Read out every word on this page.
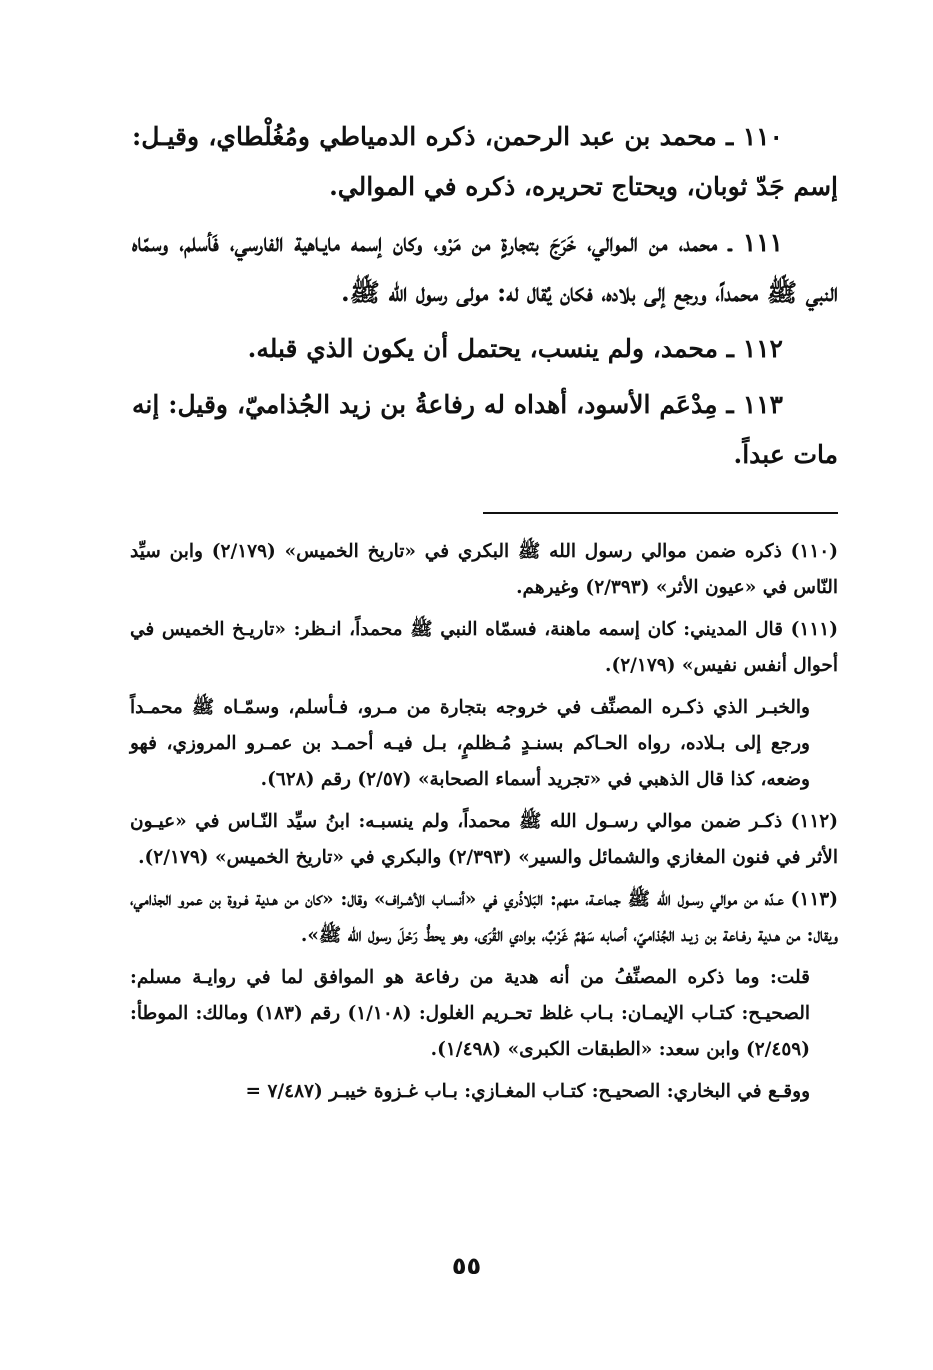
١١٠ ـ محمد بن عبد الرحمن، ذكره الدمياطي ومُغُلْطاي، وقيـل: إسم جَدّ ثوبان، ويحتاج تحريره، ذكره في الموالي.

١١١ ـ محمد، من الموالي، خَرَجَ بتجارةٍ من مَرْو، وكان إسمه مايـاهية الفارسي، فَأسلم، وسمّاه النبي ﷺ محمداً، ورجع إلى بلاده، فكان يُقال له: مولى رسول الله ﷺ.

١١٢ ـ محمد، ولم ينسب، يحتمل أن يكون الذي قبله.

١١٣ ـ مِدْعَم الأسود، أهداه له رفاعةُ بن زيد الجُذاميّ، وقيل: إنه مات عبداً.

(١١٠) ذكره ضمن موالي رسول الله ﷺ البكري في «تاريخ الخميس» (٢/١٧٩) وابن سيِّد النّاس في «عيون الأثر» (٢/٣٩٣) وغيرهم.

(١١١) قال المديني: كان إسمه ماهنة، فسمّاه النبي ﷺ محمداً، انـظر: «تاريـخ الخميس في أحوال أنفس نفيس» (٢/١٧٩).

والخبـر الذي ذكـره المصنِّف في خروجه بتجارة من مـرو، فـأسلم، وسمّـاه ﷺ محمـداً ورجع إلى بـلاده، رواه الحـاكم بسنـدٍ مُـظلمٍ، بـل فيـه أحمـد بن عمـرو المروزي، فهو وضعه، كذا قال الذهبي في «تجريد أسماء الصحابة» (٢/٥٧) رقم (٦٢٨).

(١١٢) ذكـر ضمن موالي رسـول الله ﷺ محمداً، ولم ينسبـه: ابنُ سيِّد النّـاس في «عيـون الأثر في فنون المغازي والشمائل والسير» (٢/٣٩٣) والبكري في «تاريخ الخميس» (٢/١٧٩).

(١١٣) عـدّه من موالي رسـول الله ﷺ جماعـة، منهم: البَلاذُري في «أنسـاب الأشـراف» وقال: «كان من هـدية فـروة بن عمرو الجذامي، ويقال: من هـدية رفـاعة بن زيـد الجُذاميّ، أصابه سَهْمٌ غَرْبٌ، بوادي القُرَى، وهو يحطُّ رَحْلَ رسول الله ﷺ».

قلت: وما ذكره المصنِّفُ من أنه هدية من رفاعة هو الموافق لما في روايـة مسلم: الصحيـح: كتـاب الإيمـان: بـاب غلظ تحـريم الغلول: (١/١٠٨) رقم (١٨٣) ومالك: الموطأ: (٢/٤٥٩) وابن سعد: «الطبقات الكبرى» (١/٤٩٨).

ووقـع في البخاري: الصحيـح: كتـاب المغـازي: بـاب غـزوة خيبـر (٧/٤٨٧ =

٥٥
